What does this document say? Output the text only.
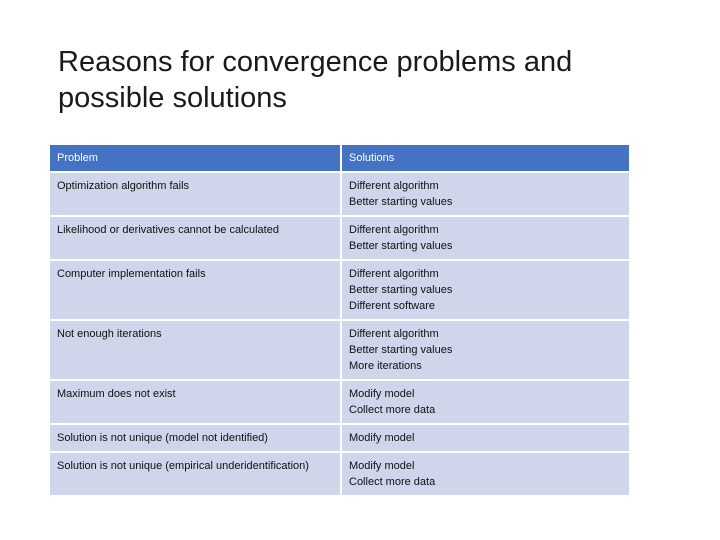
Reasons for convergence problems and possible solutions
Problem	Solutions
Optimization algorithm fails	Different algorithm
Better starting values

Likelihood or derivatives cannot be calculated	Different algorithm
Better starting values

Computer implementation fails	Different algorithm
Better starting values
Different software

Not enough iterations	Different algorithm
Better starting values
More iterations

Maximum does not exist	Modify model
Collect more data

Solution is not unique (model not identified)	Modify model

Solution is not unique (empirical underidentification)	Modify model
Collect more data
